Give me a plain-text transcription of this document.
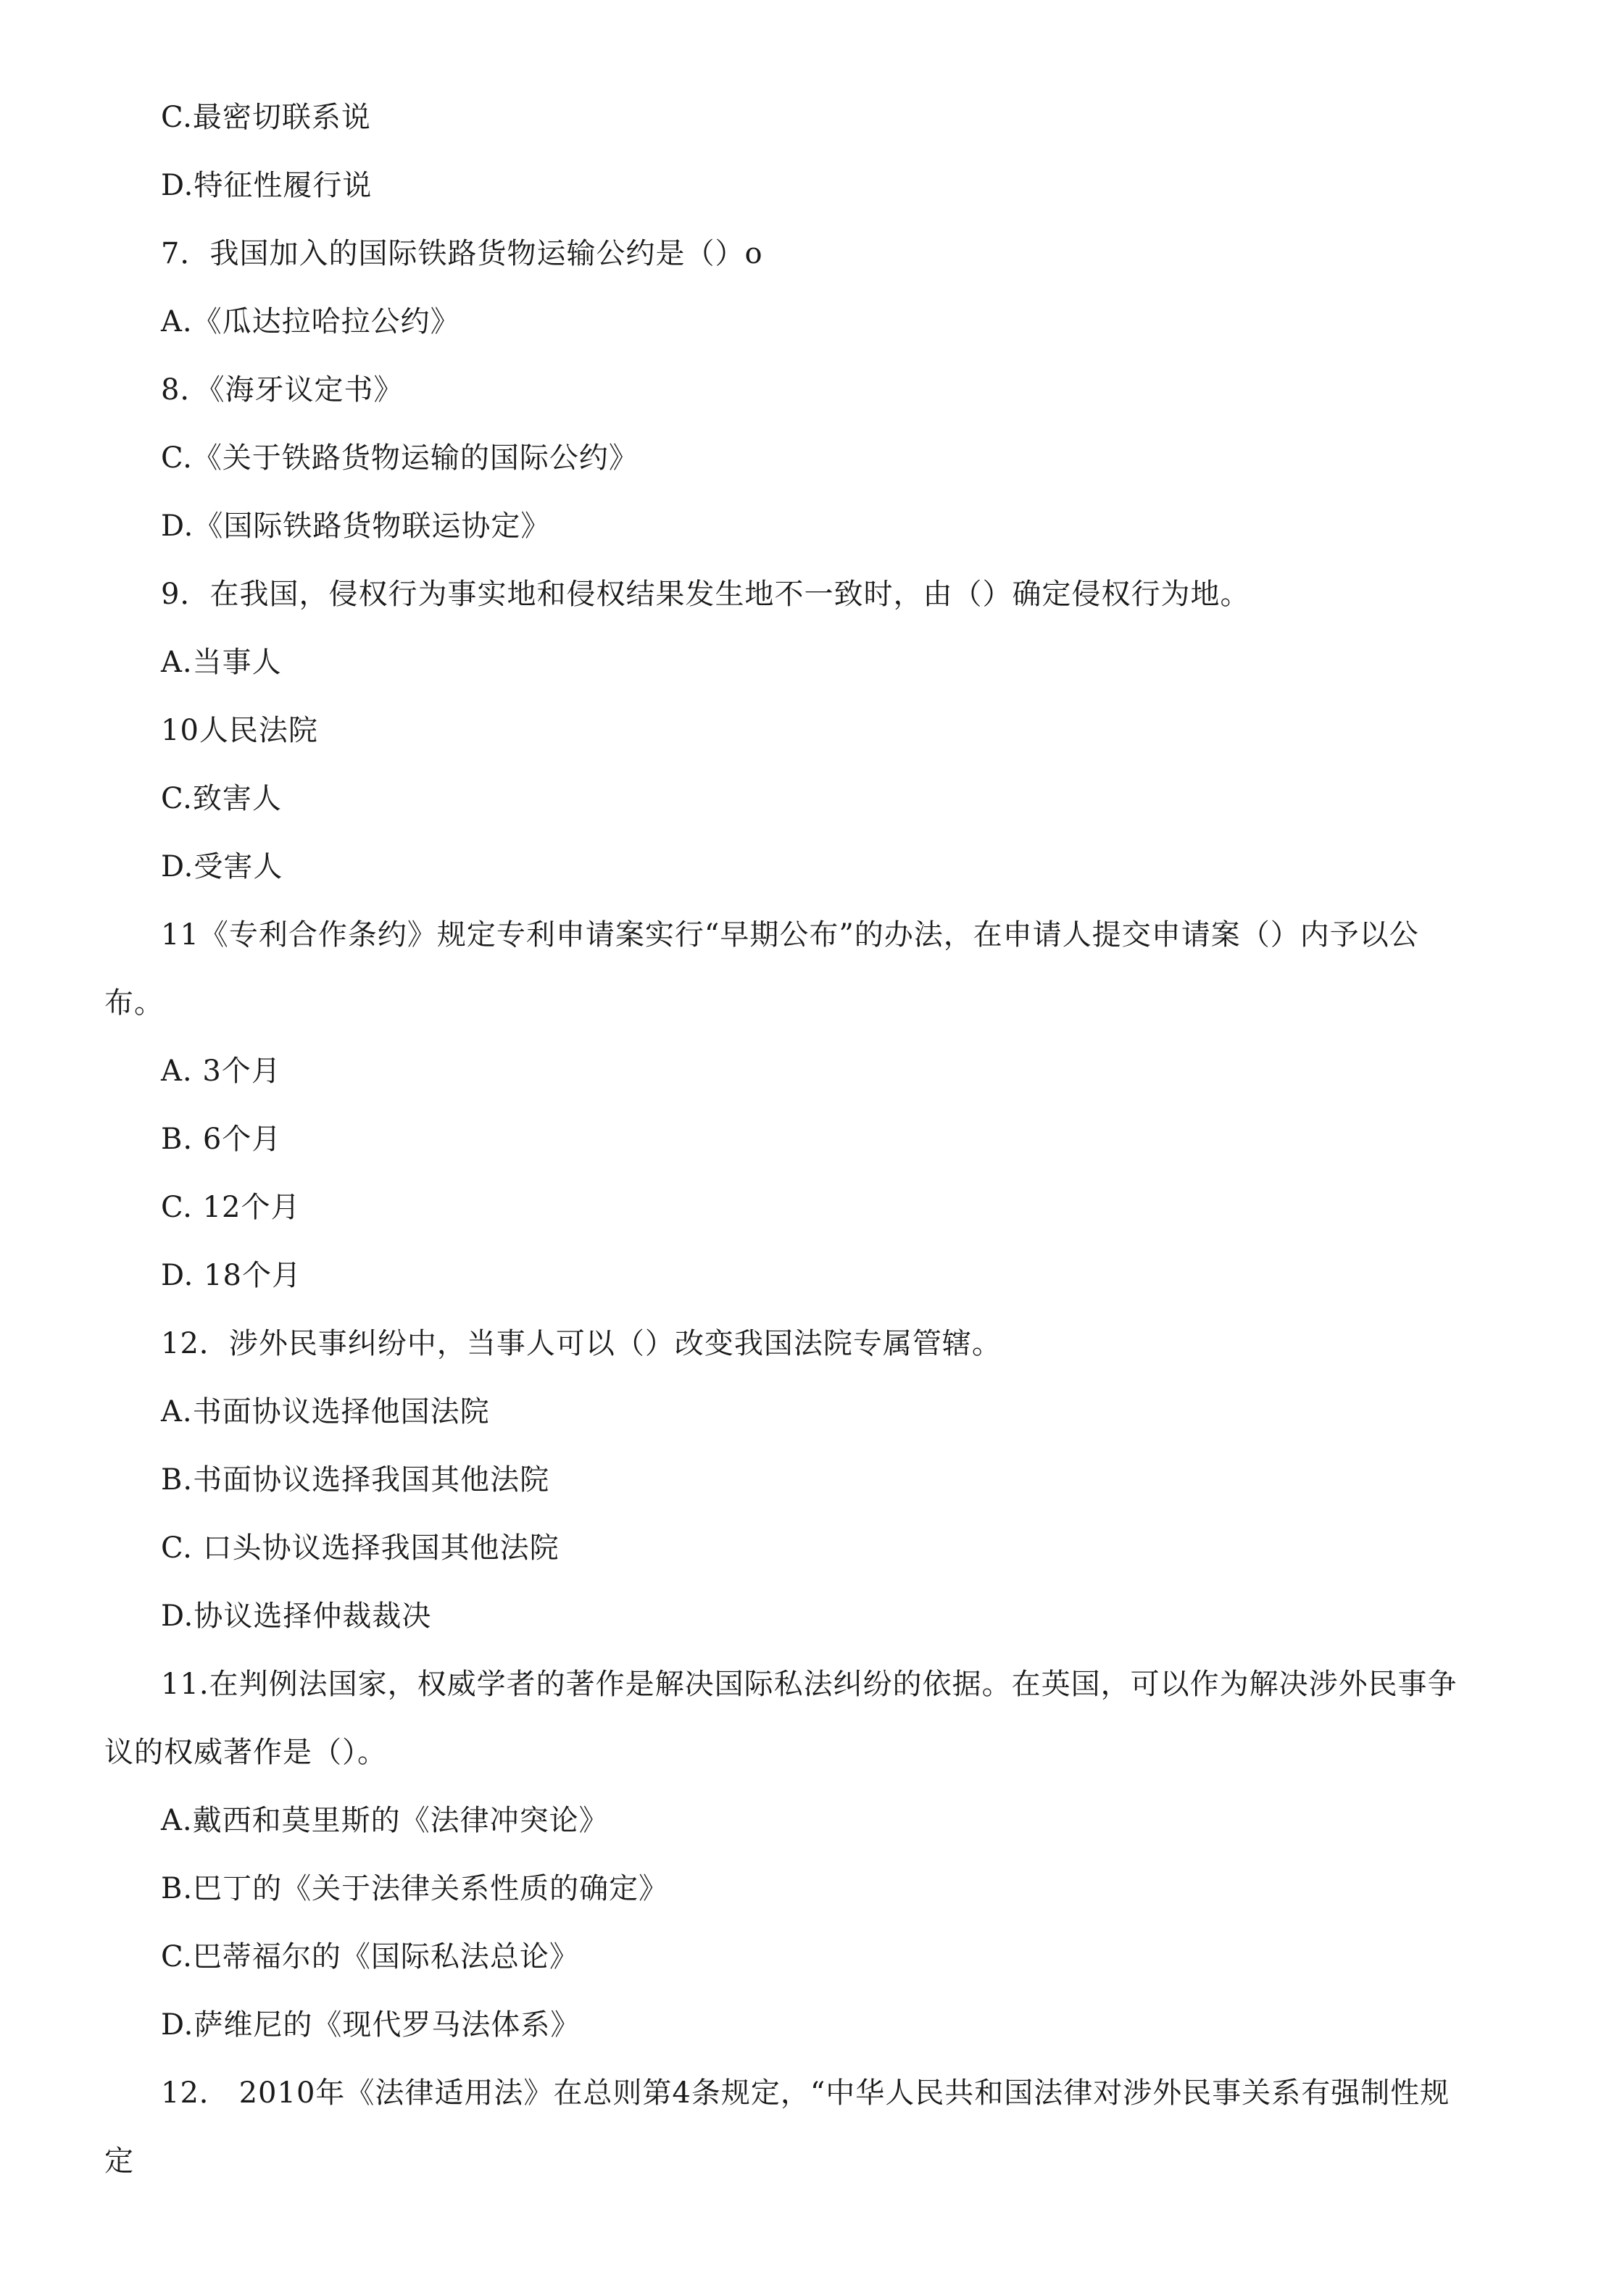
C.最密切联系说
D.特征性履行说
7．我国加入的国际铁路货物运输公约是（）o
A.《瓜达拉哈拉公约》
8．《海牙议定书》
C.《关于铁路货物运输的国际公约》
D.《国际铁路货物联运协定》
9．在我国，侵权行为事实地和侵权结果发生地不一致时，由（）确定侵权行为地。
A.当事人
10人民法院
C.致害人
D.受害人
11《专利合作条约》规定专利申请案实行“早期公布”的办法，在申请人提交申请案（）内予以公
布。
A. 3个月
B. 6个月
C. 12个月
D. 18个月
12．涉外民事纠纷中，当事人可以（）改变我国法院专属管辖。
A.书面协议选择他国法院
B.书面协议选择我国其他法院
C. 口头协议选择我国其他法院
D.协议选择仲裁裁决
11.在判例法国家，权威学者的著作是解决国际私法纠纷的依据。在英国，可以作为解决涉外民事争
议的权威著作是（）。
A.戴西和莫里斯的《法律冲突论》
B.巴丁的《关于法律关系性质的确定》
C.巴蒂福尔的《国际私法总论》
D.萨维尼的《现代罗马法体系》
12． 2010年《法律适用法》在总则第4条规定，“中华人民共和国法律对涉外民事关系有强制性规
定
